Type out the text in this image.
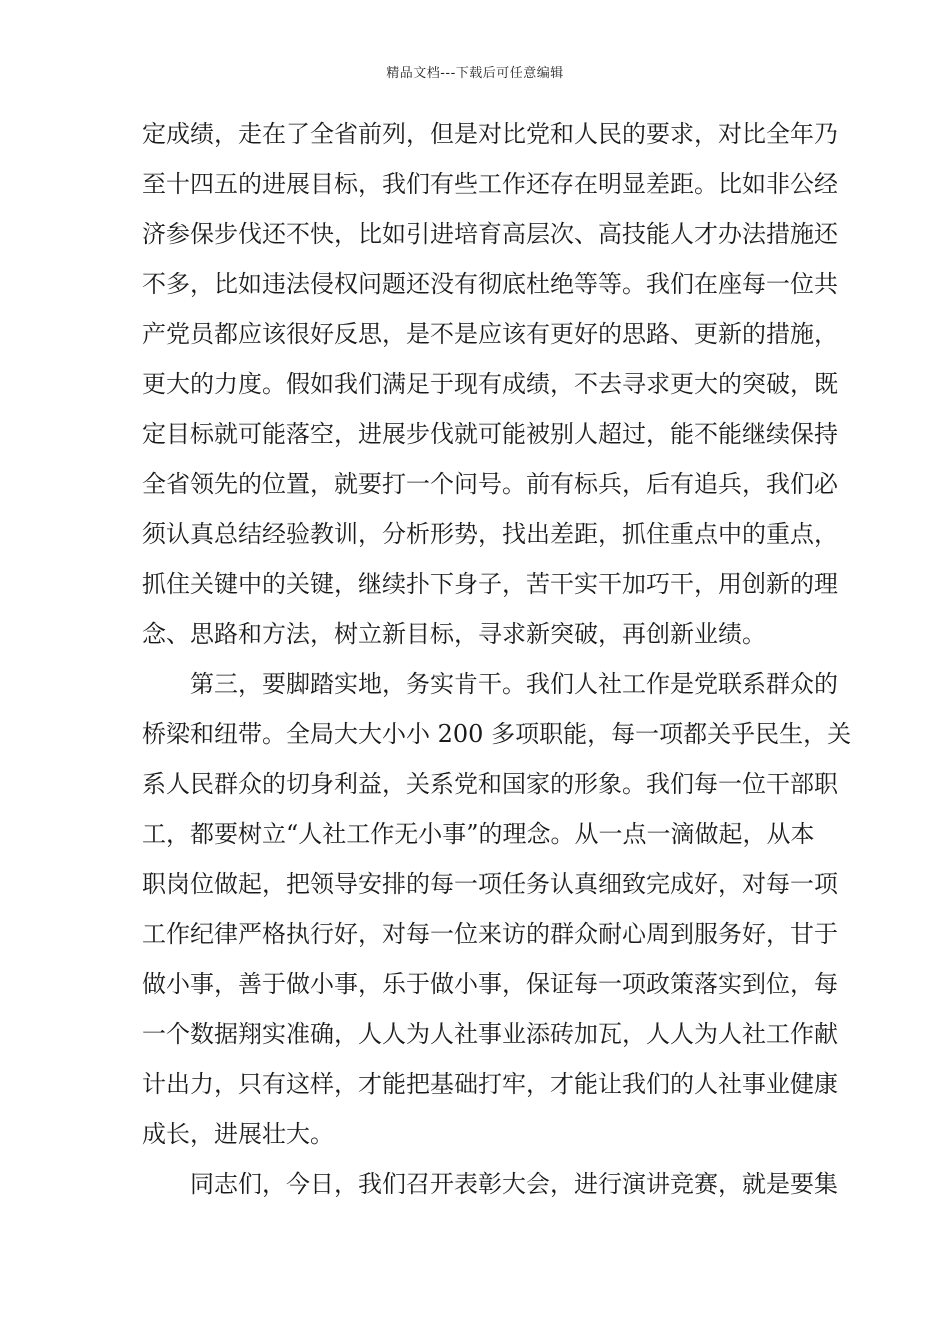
精品文档---下载后可任意编辑
定成绩，走在了全省前列，但是对比党和人民的要求，对比全年乃
至十四五的进展目标，我们有些工作还存在明显差距。比如非公经
济参保步伐还不快，比如引进培育高层次、高技能人才办法措施还
不多，比如违法侵权问题还没有彻底杜绝等等。我们在座每一位共
产党员都应该很好反思，是不是应该有更好的思路、更新的措施，
更大的力度。假如我们满足于现有成绩，不去寻求更大的突破，既
定目标就可能落空，进展步伐就可能被别人超过，能不能继续保持
全省领先的位置，就要打一个问号。前有标兵，后有追兵，我们必
须认真总结经验教训，分析形势，找出差距，抓住重点中的重点，
抓住关键中的关键，继续扑下身子，苦干实干加巧干，用创新的理
念、思路和方法，树立新目标，寻求新突破，再创新业绩。
第三，要脚踏实地，务实肯干。我们人社工作是党联系群众的
桥梁和纽带。全局大大小小 200 多项职能，每一项都关乎民生，关
系人民群众的切身利益，关系党和国家的形象。我们每一位干部职
工，都要树立“人社工作无小事”的理念。从一点一滴做起，从本
职岗位做起，把领导安排的每一项任务认真细致完成好，对每一项
工作纪律严格执行好，对每一位来访的群众耐心周到服务好，甘于
做小事，善于做小事，乐于做小事，保证每一项政策落实到位，每
一个数据翔实准确，人人为人社事业添砖加瓦，人人为人社工作献
计出力，只有这样，才能把基础打牢，才能让我们的人社事业健康
成长，进展壮大。
同志们，今日，我们召开表彰大会，进行演讲竞赛，就是要集
